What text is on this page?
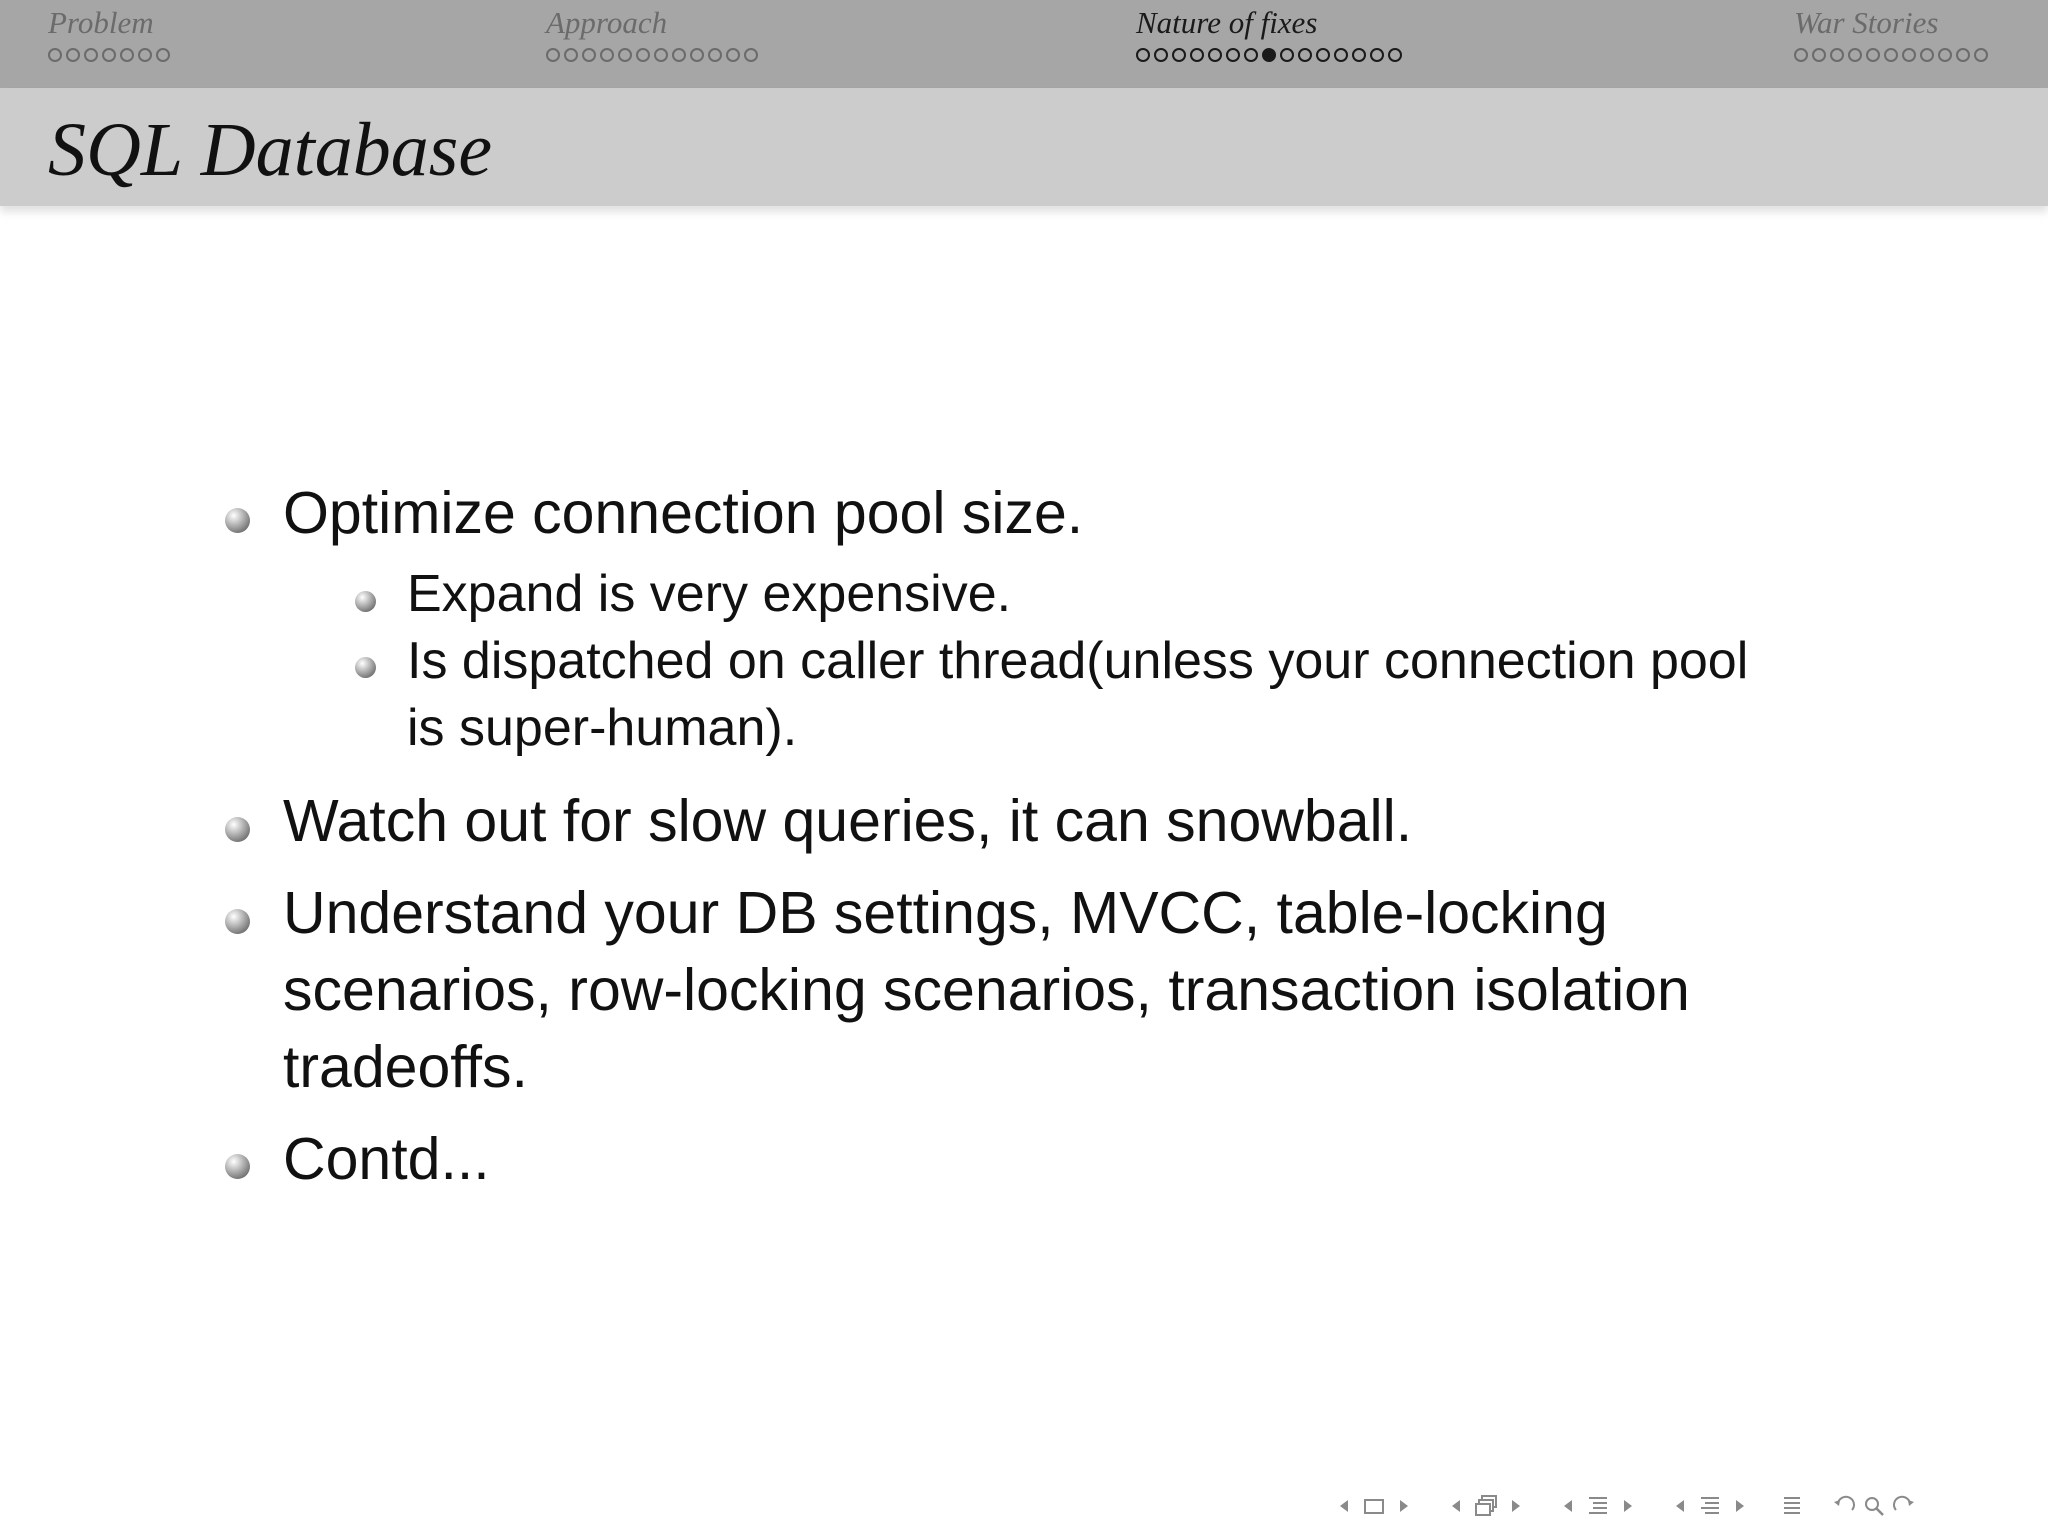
Problem	Approach	Nature of fixes	War Stories
SQL Database
Optimize connection pool size.
Expand is very expensive.
Is dispatched on caller thread(unless your connection pool
is super-human).
Watch out for slow queries, it can snowball.
Understand your DB settings, MVCC, table-locking
scenarios, row-locking scenarios, transaction isolation
tradeoffs.
Contd...
